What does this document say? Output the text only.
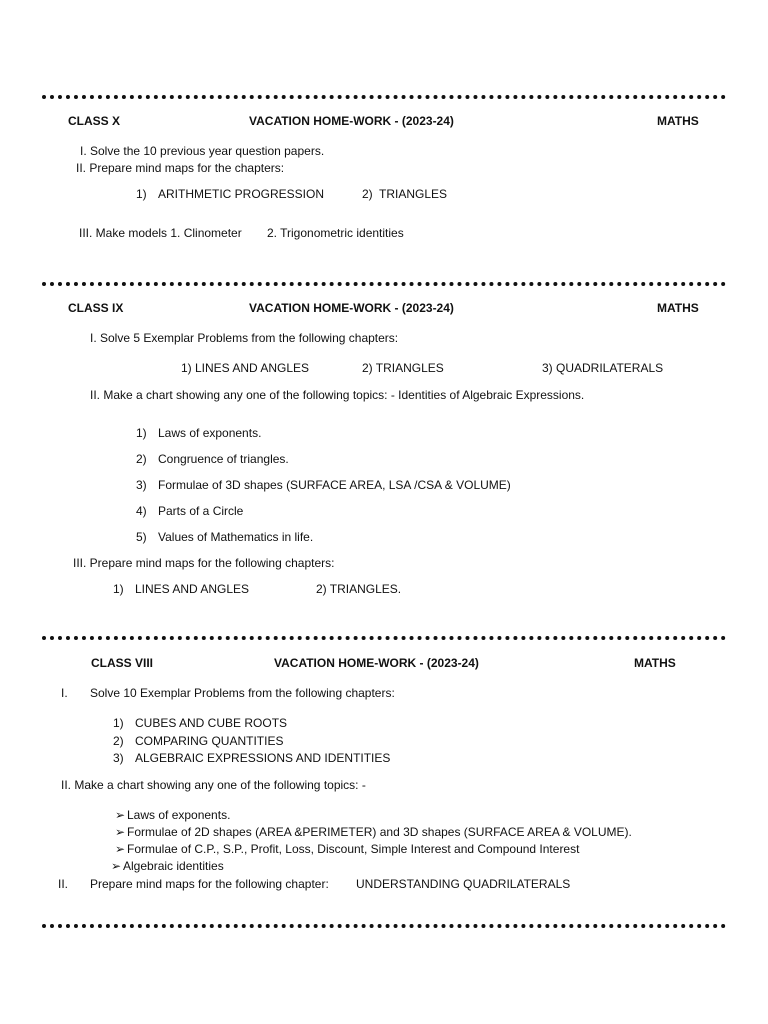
CLASS X	VACATION HOME-WORK - (2023-24)	MATHS
I. Solve the 10 previous year question papers.
II. Prepare mind maps for the chapters:
1) ARITHMETIC PROGRESSION	2) TRIANGLES
III. Make models 1. Clinometer 2. Trigonometric identities
CLASS IX	VACATION HOME-WORK - (2023-24)	MATHS
I. Solve 5 Exemplar Problems from the following chapters:
1) LINES AND ANGLES	2) TRIANGLES	3) QUADRILATERALS
II. Make a chart showing any one of the following topics: - Identities of Algebraic Expressions.
1) Laws of exponents.
2) Congruence of triangles.
3) Formulae of 3D shapes (SURFACE AREA, LSA /CSA & VOLUME)
4) Parts of a Circle
5) Values of Mathematics in life.
III. Prepare mind maps for the following chapters:
1) LINES AND ANGLES	2) TRIANGLES.
CLASS VIII	VACATION HOME-WORK - (2023-24)	MATHS
I. Solve 10 Exemplar Problems from the following chapters:
1) CUBES AND CUBE ROOTS
2) COMPARING QUANTITIES
3) ALGEBRAIC EXPRESSIONS AND IDENTITIES
II. Make a chart showing any one of the following topics: -
➢ Laws of exponents.
➢ Formulae of 2D shapes (AREA &PERIMETER) and 3D shapes (SURFACE AREA & VOLUME).
➢ Formulae of C.P., S.P., Profit, Loss, Discount, Simple Interest and Compound Interest
➢ Algebraic identities
II. Prepare mind maps for the following chapter: UNDERSTANDING QUADRILATERALS
